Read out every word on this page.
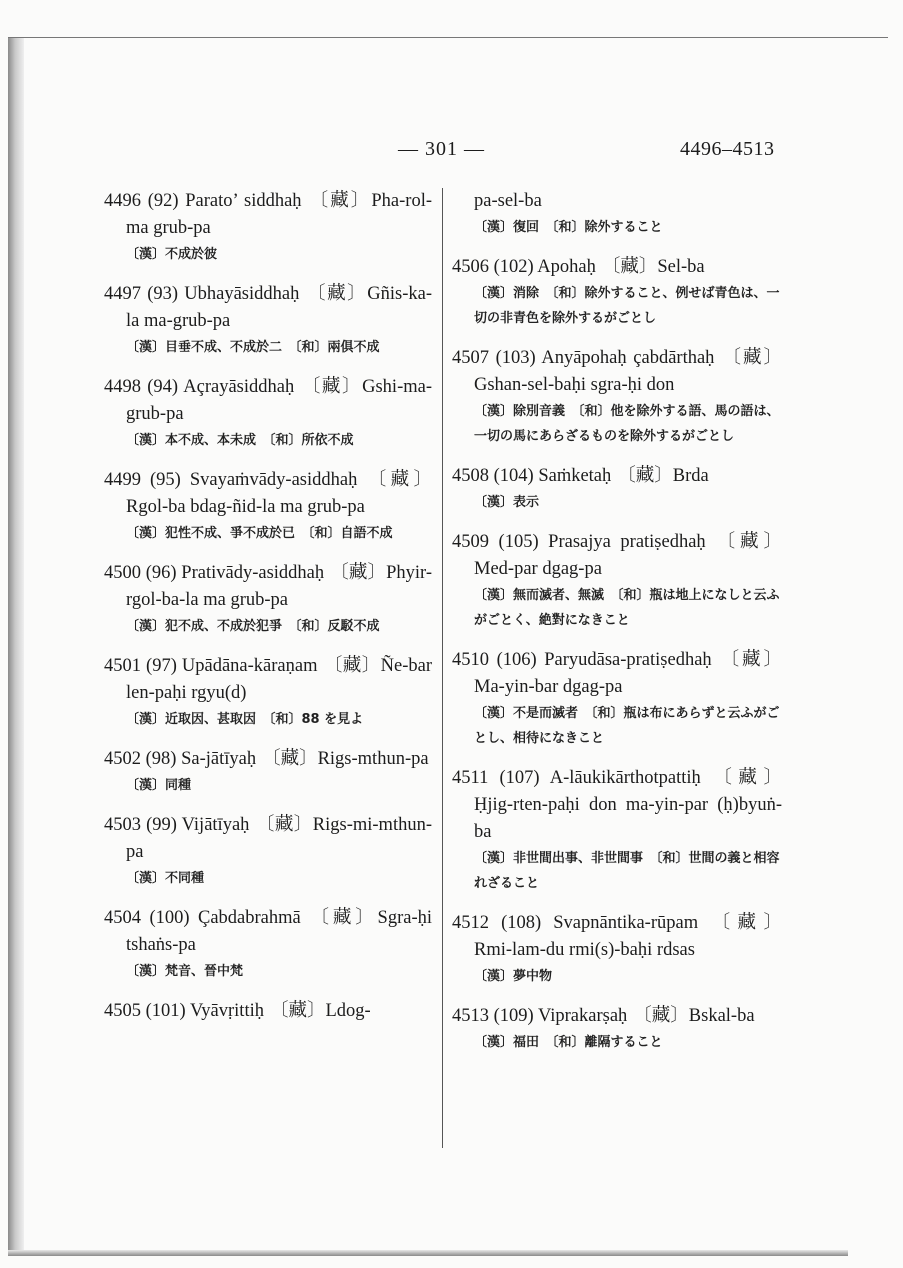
— 301 —	4496–4513
4496 (92) Parato’ siddhaḥ 〔藏〕Pha-rol-ma grub-pa
〔漢〕不成於彼
4497 (93) Ubhayāsiddhaḥ 〔藏〕Gñis-ka-la ma-grub-pa
〔漢〕目垂不成、不成於二　〔和〕兩俱不成
4498 (94) Açrayāsiddhaḥ 〔藏〕Gshi-ma-grub-pa
〔漢〕本不成、本未成　〔和〕所依不成
4499 (95) Svayaṁvādy-asiddhaḥ 〔藏〕Rgol-ba bdag-ñid-la ma grub-pa
〔漢〕犯性不成、爭不成於已　〔和〕自語不成
4500 (96) Prativādy-asiddhaḥ 〔藏〕Phyir-rgol-ba-la ma grub-pa
〔漢〕犯不成、不成於犯爭　〔和〕反駁不成
4501 (97) Upādāna-kāraṇam 〔藏〕Ñe-bar len-paḥi rgyu(d)
〔漢〕近取因、甚取因　〔和〕88 を見よ
4502 (98) Sa-jātīyaḥ 〔藏〕Rigs-mthun-pa
〔漢〕同種
4503 (99) Vijātīyaḥ 〔藏〕Rigs-mi-mthun-pa
〔漢〕不同種
4504 (100) Çabdabrahmā 〔藏〕Sgra-ḥi tshaṅs-pa
〔漢〕梵音、晉中梵
4505 (101) Vyāvṛittiḥ 〔藏〕Ldog-
pa-sel-ba
〔漢〕復回　〔和〕除外すること
4506 (102) Apohaḥ 〔藏〕Sel-ba
〔漢〕消除　〔和〕除外すること、例せば青色は、一切の非青色を除外するがごとし
4507 (103) Anyāpohaḥ çabdārthaḥ 〔藏〕Gshan-sel-baḥi sgra-ḥi don
〔漢〕除別音義　〔和〕他を除外する語、馬の語は、一切の馬にあらざるものを除外するがごとし
4508 (104) Saṁketaḥ 〔藏〕Brda
〔漢〕表示
4509 (105) Prasajya pratiṣedhaḥ 〔藏〕Med-par dgag-pa
〔漢〕無而滅者、無滅　〔和〕瓶は地上になしと云ふがごとく、絶對になきこと
4510 (106) Paryudāsa-pratiṣedhaḥ 〔藏〕Ma-yin-bar dgag-pa
〔漢〕不是而滅者　〔和〕瓶は布にあらずと云ふがごとし、相待になきこと
4511 (107) A-lāukikārthotpattiḥ 〔藏〕Ḥjig-rten-paḥi don ma-yin-par (ḥ)byuṅ-ba
〔漢〕非世間出事、非世間事　〔和〕世間の義と相容れざること
4512 (108) Svapnāntika-rūpam 〔藏〕Rmi-lam-du rmi(s)-baḥi rdsas
〔漢〕夢中物
4513 (109) Viprakarṣaḥ 〔藏〕Bskal-ba
〔漢〕福田　〔和〕離隔すること
